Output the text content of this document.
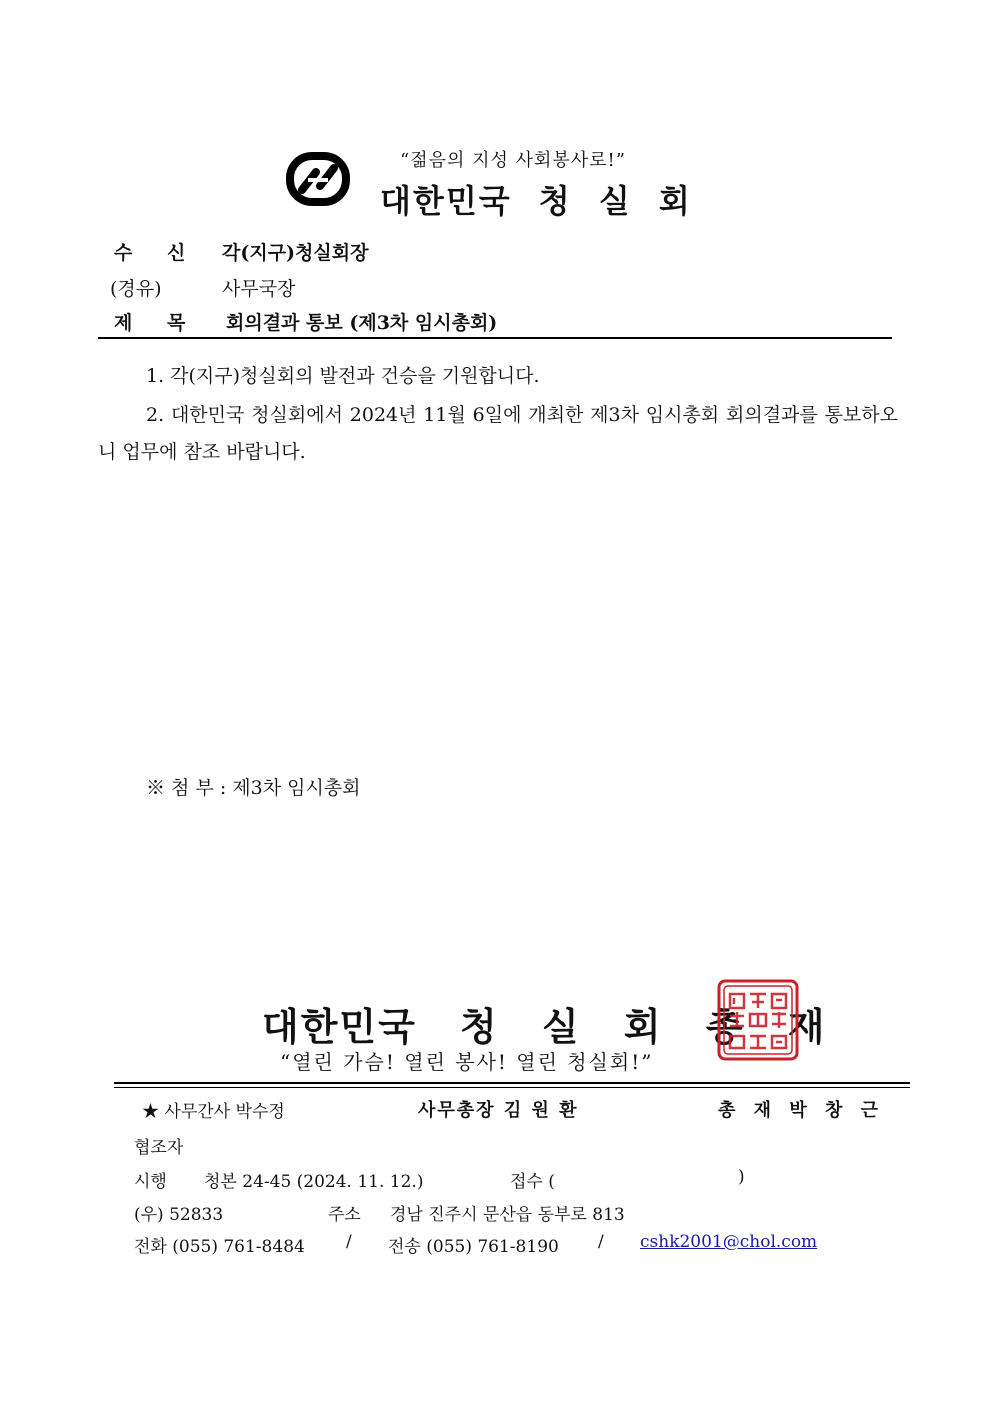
“젊음의 지성 사회봉사로!”
대한민국 청 실 회
수 신 각(지구)청실회장
(경유)	사무국장
제 목 회의결과 통보 (제3차 임시총회)
1. 각(지구)청실회의 발전과 건승을 기원합니다.
2. 대한민국 청실회에서 2024년 11월 6일에 개최한 제3차 임시총회 회의결과를 통보하오니 업무에 참조 바랍니다.
※ 첨 부 : 제3차 임시총회
대한민국 청 실 회 총 재
“열린 가슴! 열린 봉사! 열린 청실회!”
★ 사무간사 박수정	사무총장 김 원 환	총 재 박 창 근
협조자
시행 청본 24-45 (2024. 11. 12.)	접수 (	)
(우) 52833	주소 경남 진주시 문산읍 동부로 813
전화 (055) 761-8484 / 전송 (055) 761-8190 / cshk2001@chol.com
